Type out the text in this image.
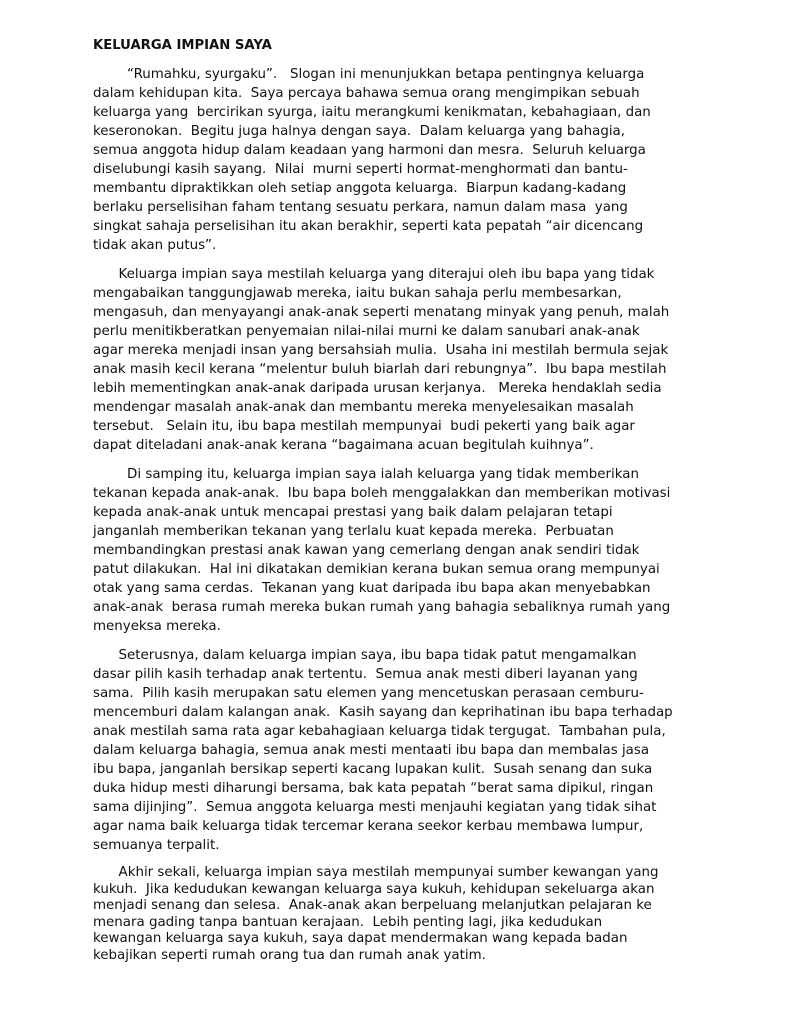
KELUARGA IMPIAN SAYA
“Rumahku, syurgaku”.   Slogan ini menunjukkan betapa pentingnya keluarga
dalam kehidupan kita.  Saya percaya bahawa semua orang mengimpikan sebuah
keluarga yang  bercirikan syurga, iaitu merangkumi kenikmatan, kebahagiaan, dan
keseronokan.  Begitu juga halnya dengan saya.  Dalam keluarga yang bahagia,
semua anggota hidup dalam keadaan yang harmoni dan mesra.  Seluruh keluarga
diselubungi kasih sayang.  Nilai  murni seperti hormat-menghormati dan bantu-
membantu dipraktikkan oleh setiap anggota keluarga.  Biarpun kadang-kadang
berlaku perselisihan faham tentang sesuatu perkara, namun dalam masa  yang
singkat sahaja perselisihan itu akan berakhir, seperti kata pepatah “air dicencang
tidak akan putus”.
Keluarga impian saya mestilah keluarga yang diterajui oleh ibu bapa yang tidak
mengabaikan tanggungjawab mereka, iaitu bukan sahaja perlu membesarkan,
mengasuh, dan menyayangi anak-anak seperti menatang minyak yang penuh, malah
perlu menitikberatkan penyemaian nilai-nilai murni ke dalam sanubari anak-anak
agar mereka menjadi insan yang bersahsiah mulia.  Usaha ini mestilah bermula sejak
anak masih kecil kerana “melentur buluh biarlah dari rebungnya”.  Ibu bapa mestilah
lebih mementingkan anak-anak daripada urusan kerjanya.   Mereka hendaklah sedia
mendengar masalah anak-anak dan membantu mereka menyelesaikan masalah
tersebut.   Selain itu, ibu bapa mestilah mempunyai  budi pekerti yang baik agar
dapat diteladani anak-anak kerana “bagaimana acuan begitulah kuihnya”.
Di samping itu, keluarga impian saya ialah keluarga yang tidak memberikan
tekanan kepada anak-anak.  Ibu bapa boleh menggalakkan dan memberikan motivasi
kepada anak-anak untuk mencapai prestasi yang baik dalam pelajaran tetapi
janganlah memberikan tekanan yang terlalu kuat kepada mereka.  Perbuatan
membandingkan prestasi anak kawan yang cemerlang dengan anak sendiri tidak
patut dilakukan.  Hal ini dikatakan demikian kerana bukan semua orang mempunyai
otak yang sama cerdas.  Tekanan yang kuat daripada ibu bapa akan menyebabkan
anak-anak  berasa rumah mereka bukan rumah yang bahagia sebaliknya rumah yang
menyeksa mereka.
Seterusnya, dalam keluarga impian saya, ibu bapa tidak patut mengamalkan
dasar pilih kasih terhadap anak tertentu.  Semua anak mesti diberi layanan yang
sama.  Pilih kasih merupakan satu elemen yang mencetuskan perasaan cemburu-
mencemburi dalam kalangan anak.  Kasih sayang dan keprihatinan ibu bapa terhadap
anak mestilah sama rata agar kebahagiaan keluarga tidak tergugat.  Tambahan pula,
dalam keluarga bahagia, semua anak mesti mentaati ibu bapa dan membalas jasa
ibu bapa, janganlah bersikap seperti kacang lupakan kulit.  Susah senang dan suka
duka hidup mesti diharungi bersama, bak kata pepatah “berat sama dipikul, ringan
sama dijinjing”.  Semua anggota keluarga mesti menjauhi kegiatan yang tidak sihat
agar nama baik keluarga tidak tercemar kerana seekor kerbau membawa lumpur,
semuanya terpalit.
Akhir sekali, keluarga impian saya mestilah mempunyai sumber kewangan yang
kukuh.  Jika kedudukan kewangan keluarga saya kukuh, kehidupan sekeluarga akan
menjadi senang dan selesa.  Anak-anak akan berpeluang melanjutkan pelajaran ke
menara gading tanpa bantuan kerajaan.  Lebih penting lagi, jika kedudukan
kewangan keluarga saya kukuh, saya dapat mendermakan wang kepada badan
kebajikan seperti rumah orang tua dan rumah anak yatim.
